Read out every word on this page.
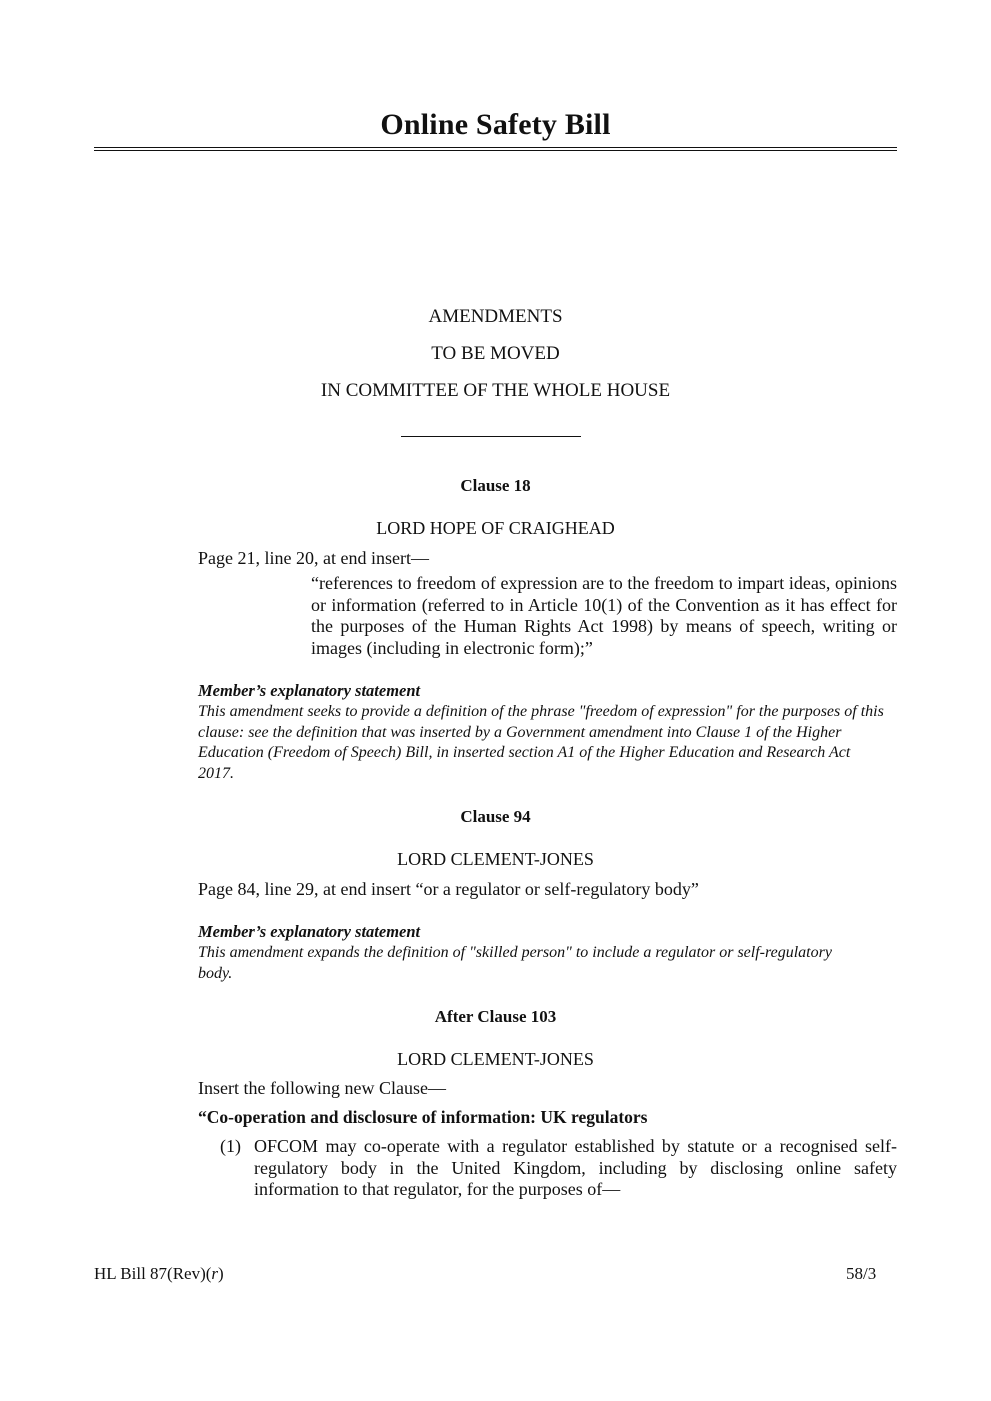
Online Safety Bill
AMENDMENTS
TO BE MOVED
IN COMMITTEE OF THE WHOLE HOUSE
Clause 18
LORD HOPE OF CRAIGHEAD
Page 21, line 20, at end insert—
“references to freedom of expression are to the freedom to impart ideas, opinions or information (referred to in Article 10(1) of the Convention as it has effect for the purposes of the Human Rights Act 1998) by means of speech, writing or images (including in electronic form);”
Member’s explanatory statement
This amendment seeks to provide a definition of the phrase "freedom of expression" for the purposes of this clause: see the definition that was inserted by a Government amendment into Clause 1 of the Higher Education (Freedom of Speech) Bill, in inserted section A1 of the Higher Education and Research Act 2017.
Clause 94
LORD CLEMENT-JONES
Page 84, line 29, at end insert “or a regulator or self-regulatory body”
Member’s explanatory statement
This amendment expands the definition of "skilled person" to include a regulator or self-regulatory body.
After Clause 103
LORD CLEMENT-JONES
Insert the following new Clause—
“Co-operation and disclosure of information: UK regulators
(1) OFCOM may co-operate with a regulator established by statute or a recognised self-regulatory body in the United Kingdom, including by disclosing online safety information to that regulator, for the purposes of—
HL Bill 87(Rev)(r)	58/3
